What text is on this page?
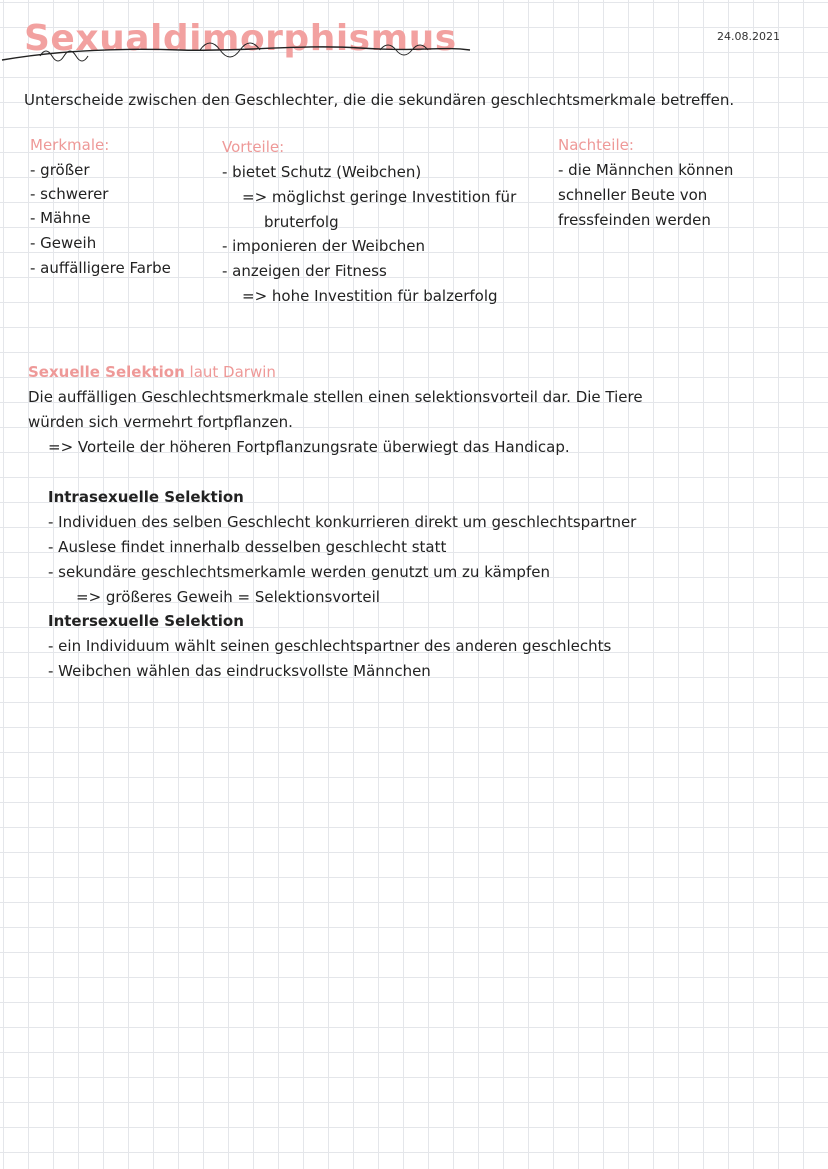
Sexualdimorphismus	24.08.2021
Unterscheide zwischen den Geschlechter, die die sekundären geschlechtsmerkmale betreffen.
Merkmale:
- größer
- schwerer
- Mähne
- Geweih
- auffälligere Farbe
Vorteile:
- bietet Schutz (Weibchen)
=> möglichst geringe Investition für
bruterfolg
- imponieren der Weibchen
- anzeigen der Fitness
=> hohe Investition für balzerfolg
Nachteile:
- die Männchen können
schneller Beute von
fressfeinden werden
Sexuelle Selektion laut Darwin
Die auffälligen Geschlechtsmerkmale stellen einen selektionsvorteil dar. Die Tiere
würden sich vermehrt fortpflanzen.
=> Vorteile der höheren Fortpflanzungsrate überwiegt das Handicap.
Intrasexuelle Selektion
- Individuen des selben Geschlecht konkurrieren direkt um geschlechtspartner
- Auslese findet innerhalb desselben geschlecht statt
- sekundäre geschlechtsmerkamle werden genutzt um zu kämpfen
=> größeres Geweih = Selektionsvorteil
Intersexuelle Selektion
- ein Individuum wählt seinen geschlechtspartner des anderen geschlechts
- Weibchen wählen das eindrucksvollste Männchen
